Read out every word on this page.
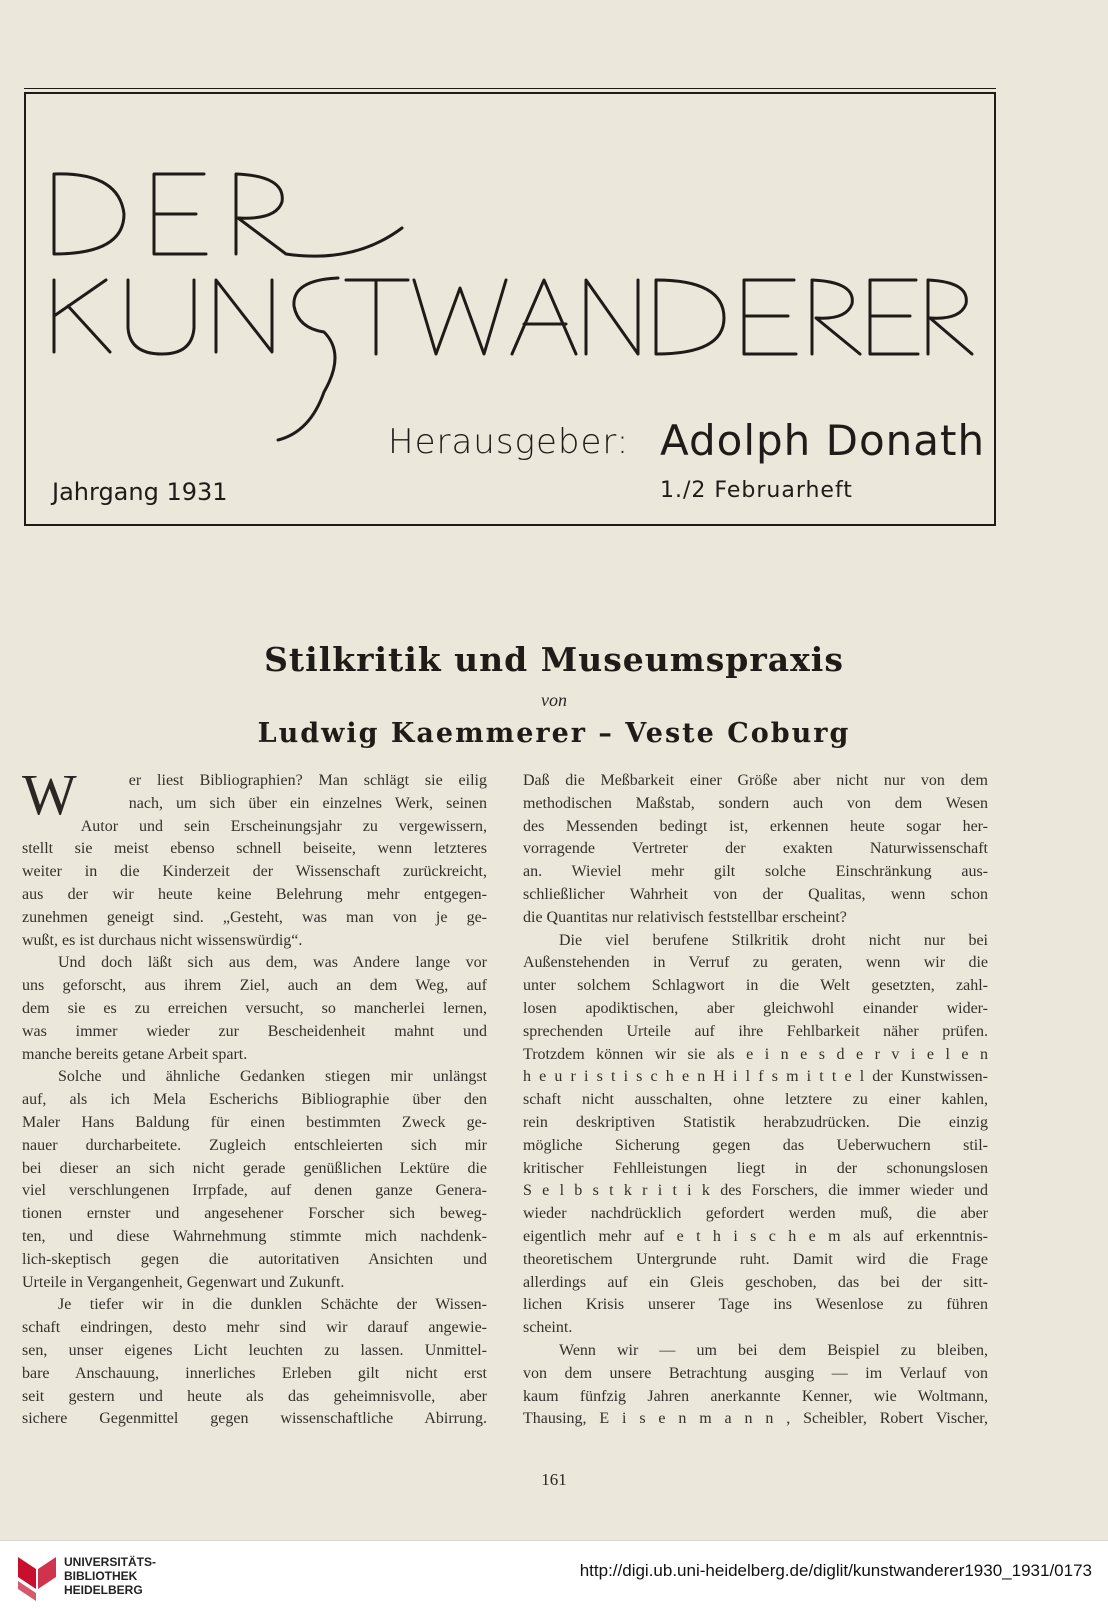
Herausgeber: Adolph Donath
Jahrgang 1931	1./2 Februarheft
Stilkritik und Museumspraxis
von
Ludwig Kaemmerer – Veste Coburg
W	er liest Bibliographien? Man schlägt sie eilig
nach, um sich über ein einzelnes Werk, seinen
Autor und sein Erscheinungsjahr zu vergewissern,
stellt sie meist ebenso schnell beiseite, wenn letzteres
weiter in die Kinderzeit der Wissenschaft zurückreicht,
aus der wir heute keine Belehrung mehr entgegen-
zunehmen geneigt sind. „Gesteht, was man von je ge-
wußt, es ist durchaus nicht wissenswürdig“.
Und doch läßt sich aus dem, was Andere lange vor
uns geforscht, aus ihrem Ziel, auch an dem Weg, auf
dem sie es zu erreichen versucht, so mancherlei lernen,
was immer wieder zur Bescheidenheit mahnt und
manche bereits getane Arbeit spart.
Solche und ähnliche Gedanken stiegen mir unlängst
auf, als ich Mela Escherichs Bibliographie über den
Maler Hans Baldung für einen bestimmten Zweck ge-
nauer durcharbeitete. Zugleich entschleierten sich mir
bei dieser an sich nicht gerade genüßlichen Lektüre die
viel verschlungenen Irrpfade, auf denen ganze Genera-
tionen ernster und angesehener Forscher sich beweg-
ten, und diese Wahrnehmung stimmte mich nachdenk-
lich-skeptisch gegen die autoritativen Ansichten und
Urteile in Vergangenheit, Gegenwart und Zukunft.
Je tiefer wir in die dunklen Schächte der Wissen-
schaft eindringen, desto mehr sind wir darauf angewie-
sen, unser eigenes Licht leuchten zu lassen. Unmittel-
bare Anschauung, innerliches Erleben gilt nicht erst
seit gestern und heute als das geheimnisvolle, aber
sichere Gegenmittel gegen wissenschaftliche Abirrung.
Daß die Meßbarkeit einer Größe aber nicht nur von dem
methodischen Maßstab, sondern auch von dem Wesen
des Messenden bedingt ist, erkennen heute sogar her-
vorragende Vertreter der exakten Naturwissenschaft
an. Wieviel mehr gilt solche Einschränkung aus-
schließlicher Wahrheit von der Qualitas, wenn schon
die Quantitas nur relativisch feststellbar erscheint?
Die viel berufene Stilkritik droht nicht nur bei
Außenstehenden in Verruf zu geraten, wenn wir die
unter solchem Schlagwort in die Welt gesetzten, zahl-
losen apodiktischen, aber gleichwohl einander wider-
sprechenden Urteile auf ihre Fehlbarkeit näher prüfen.
Trotzdem können wir sie als e i n e s d e r v i e l e n
h e u r i s t i s c h e n H i l f s m i t t e l der Kunstwissen-
schaft nicht ausschalten, ohne letztere zu einer kahlen,
rein deskriptiven Statistik herabzudrücken. Die einzig
mögliche Sicherung gegen das Ueberwuchern stil-
kritischer Fehlleistungen liegt in der schonungslosen
S e l b s t k r i t i k des Forschers, die immer wieder und
wieder nachdrücklich gefordert werden muß, die aber
eigentlich mehr auf e t h i s c h e m als auf erkenntnis-
theoretischem Untergrunde ruht. Damit wird die Frage
allerdings auf ein Gleis geschoben, das bei der sitt-
lichen Krisis unserer Tage ins Wesenlose zu führen
scheint.
Wenn wir — um bei dem Beispiel zu bleiben,
von dem unsere Betrachtung ausging — im Verlauf von
kaum fünfzig Jahren anerkannte Kenner, wie Woltmann,
Thausing, E i s e n m a n n , Scheibler, Robert Vischer,
161
UNIVERSITÄTS-
BIBLIOTHEK
HEIDELBERG
http://digi.ub.uni-heidelberg.de/diglit/kunstwanderer1930_1931/0173
